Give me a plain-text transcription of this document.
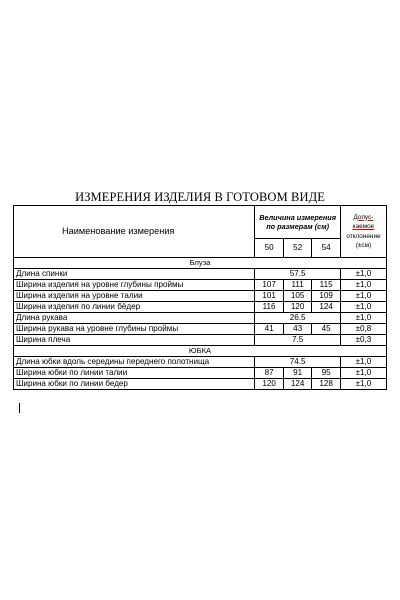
ИЗМЕРЕНИЯ ИЗДЕЛИЯ В ГОТОВОМ ВИДЕ
Наименование измерения	Величина измерения по размерам (см)			Допус-
каемое
отклонение
(±см)
	50	52	54	
Блуза				
Длина спинки	57.5			±1,0
Ширина изделия на уровне глубины проймы	107	111	115	±1,0
Ширина изделия на уровне талии	101	105	109	±1,0
Ширина изделия по линии бёдер	116	120	124	±1,0
Длина рукава	26.5			±1,0
Ширина рукава на уровне глубины проймы	41	43	45	±0,8
Ширина плеча	7.5			±0,3
ЮБКА				
Длина юбки вдоль середины переднего полотнища	74.5			±1,0
Ширина юбки по линии талии	87	91	95	±1,0
Ширина юбки по линии бедер	120	124	128	±1,0
